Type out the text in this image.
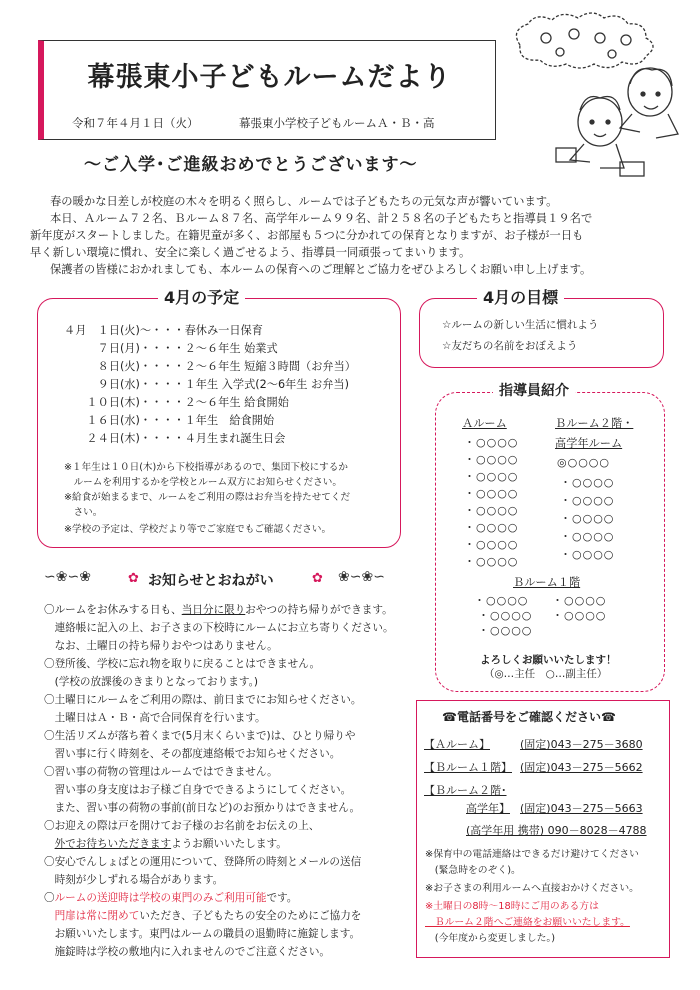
幕張東小子どもルームだより
令和７年４月１日（火）	幕張東小学校子どもルームＡ・Ｂ・高
～ご入学･ご進級おめでとうございます～
春の暖かな日差しが校庭の木々を明るく照らし、ルームでは子どもたちの元気な声が響いています。
本日、Ａルーム７２名、Ｂルーム８７名、高学年ルーム９９名、計２５８名の子どもたちと指導員１９名で
新年度がスタートしました。在籍児童が多く、お部屋も５つに分かれての保育となりますが、お子様が一日も
早く新しい環境に慣れ、安全に楽しく過ごせるよう、指導員一同頑張ってまいります。
保護者の皆様におかれましても、本ルームの保育へのご理解とご協力をぜひよろしくお願い申し上げます。
4月の予定
４月　１日(火)～・・・春休み一日保育
　　　７日(月)・・・・２～６年生 始業式
　　　８日(火)・・・・２～６年生 短縮３時間（お弁当）
　　　９日(水)・・・・１年生 入学式(2～6年生 お弁当)
　　１０日(木)・・・・２～６年生 給食開始
　　１６日(水)・・・・１年生　給食開始
　　２４日(木)・・・・４月生まれ誕生日会
※１年生は１０日(木)から下校指導があるので、集団下校にするか
　ルームを利用するかを学校とルーム双方にお知らせください。
※給食が始まるまで、ルームをご利用の際はお弁当を持たせてくだ
　さい。
※学校の予定は、学校だより等でご家庭でもご確認ください。
4月の目標
☆ルームの新しい生活に慣れよう
☆友だちの名前をおぼえよう
指導員紹介
Ａルーム
・○○○○
・○○○○
・○○○○
・○○○○
・○○○○
・○○○○
・○○○○
・○○○○
Ｂルーム２階・
高学年ルーム
◎○○○○
・○○○○
・○○○○
・○○○○
・○○○○
・○○○○
Ｂルーム１階
・○○○○
・○○○○
・○○○○
・○○○○
・○○○○
よろしくお願いいたします！
（◎…主任　○…副主任）
∽❀∽❀	✿ お知らせとおねがい	✿ ❀∽❀∽
〇ルームをお休みする日も、当日分に限りおやつの持ち帰りができます。
　連絡帳に記入の上、お子さまの下校時にルームにお立ち寄りください。
　なお、土曜日の持ち帰りおやつはありません。
〇登所後、学校に忘れ物を取りに戻ることはできません。
　(学校の放課後のきまりとなっております。)
〇土曜日にルームをご利用の際は、前日までにお知らせください。
　土曜日はＡ・Ｂ・高で合同保育を行います。
〇生活リズムが落ち着くまで(5月末くらいまで)は、ひとり帰りや
　習い事に行く時刻を、その都度連絡帳でお知らせください。
〇習い事の荷物の管理はルームではできません。
　習い事の身支度はお子様ご自身でできるようにしてください。
　また、習い事の荷物の事前(前日など)のお預かりはできません。
〇お迎えの際は戸を開けてお子様のお名前をお伝えの上、
　外でお待ちいただきますようお願いいたします。
〇安心でんしょばとの運用について、登降所の時刻とメールの送信
　時刻が少しずれる場合があります。
〇ルームの送迎時は学校の東門のみご利用可能です。
　門扉は常に閉めていただき、子どもたちの安全のためにご協力を
　お願いいたします。東門はルームの職員の退勤時に施錠します。
　施錠時は学校の敷地内に入れませんのでご注意ください。
☎電話番号をご確認ください☎
【Ａルーム】	(固定)043－275－3680
【Ｂルーム１階】 (固定)043－275－5662
【Ｂルーム２階･
高学年】 (固定)043－275－5663
(高学年用 携帯) 090－8028－4788
※保育中の電話連絡はできるだけ避けてください
　(緊急時をのぞく)。
※お子さまの利用ルームへ直接おかけください。
※土曜日の8時～18時にご用のある方は
　Ｂルーム２階へご連絡をお願いいたします。
　(今年度から変更しました。)
